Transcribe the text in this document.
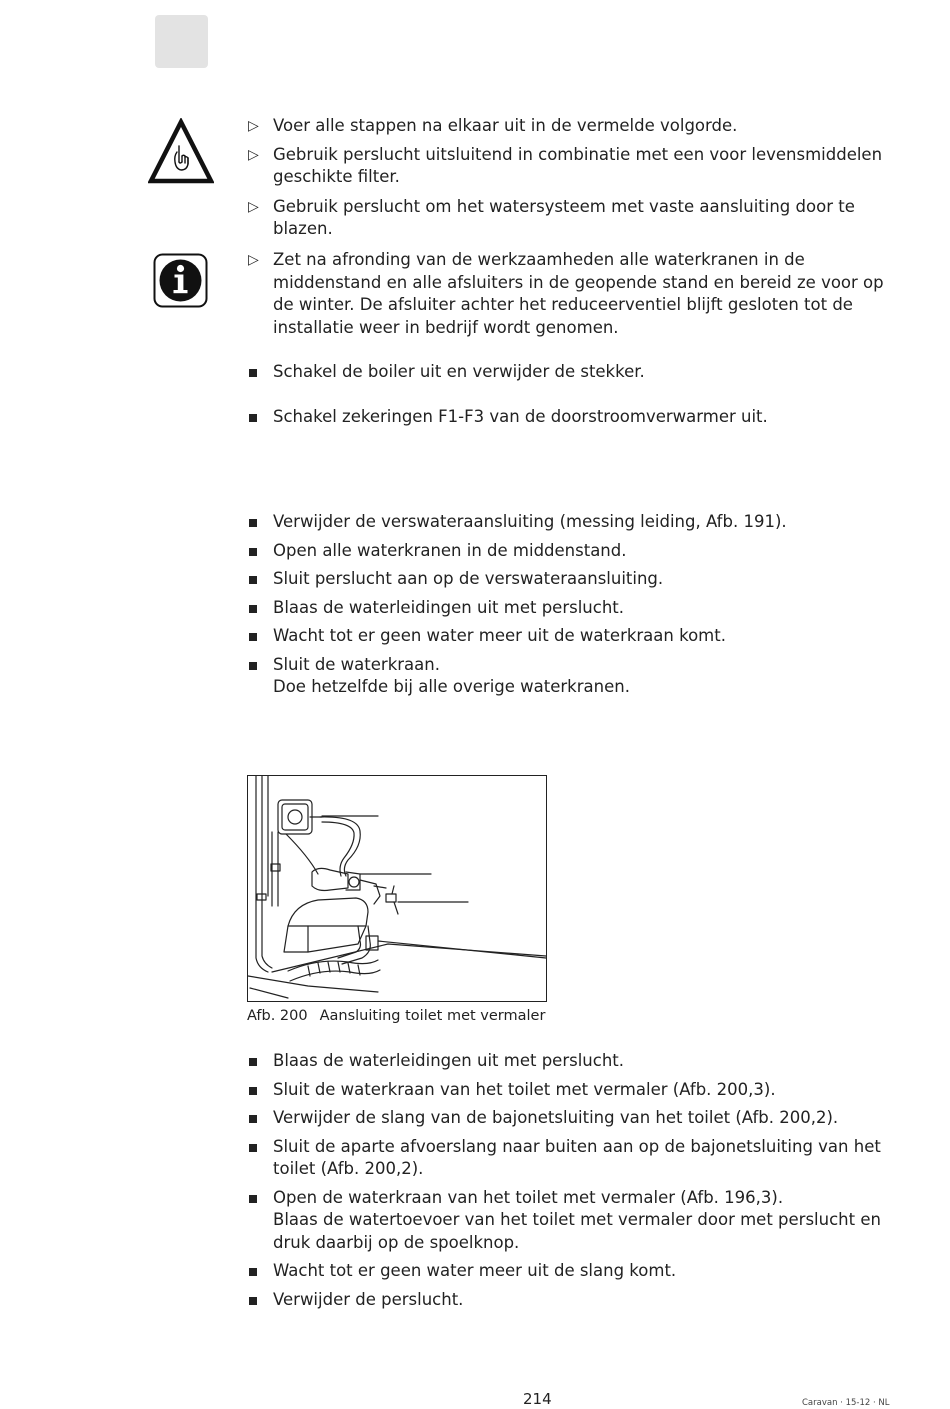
▷ Voer alle stappen na elkaar uit in de vermelde volgorde.
▷ Gebruik perslucht uitsluitend in combinatie met een voor levensmiddelen geschikte filter.
▷ Gebruik perslucht om het watersysteem met vaste aansluiting door te blazen.
▷ Zet na afronding van de werkzaamheden alle waterkranen in de middenstand en alle afsluiters in de geopende stand en bereid ze voor op de winter. De afsluiter achter het reduceerventiel blijft gesloten tot de installatie weer in bedrijf wordt genomen.
Schakel de boiler uit en verwijder de stekker.
Schakel zekeringen F1-F3 van de doorstroomverwarmer uit.
Verwijder de verswateraansluiting (messing leiding, Afb. 191).
Open alle waterkranen in de middenstand.
Sluit perslucht aan op de verswateraansluiting.
Blaas de waterleidingen uit met perslucht.
Wacht tot er geen water meer uit de waterkraan komt.
Sluit de waterkraan.
Doe hetzelfde bij alle overige waterkranen.
Afb. 200 Aansluiting toilet met vermaler
Blaas de waterleidingen uit met perslucht.
Sluit de waterkraan van het toilet met vermaler (Afb. 200,3).
Verwijder de slang van de bajonetsluiting van het toilet (Afb. 200,2).
Sluit de aparte afvoerslang naar buiten aan op de bajonetsluiting van het toilet (Afb. 200,2).
Open de waterkraan van het toilet met vermaler (Afb. 196,3).
Blaas de watertoevoer van het toilet met vermaler door met perslucht en druk daarbij op de spoelknop.
Wacht tot er geen water meer uit de slang komt.
Verwijder de perslucht.
214	Caravan · 15-12 · NL
